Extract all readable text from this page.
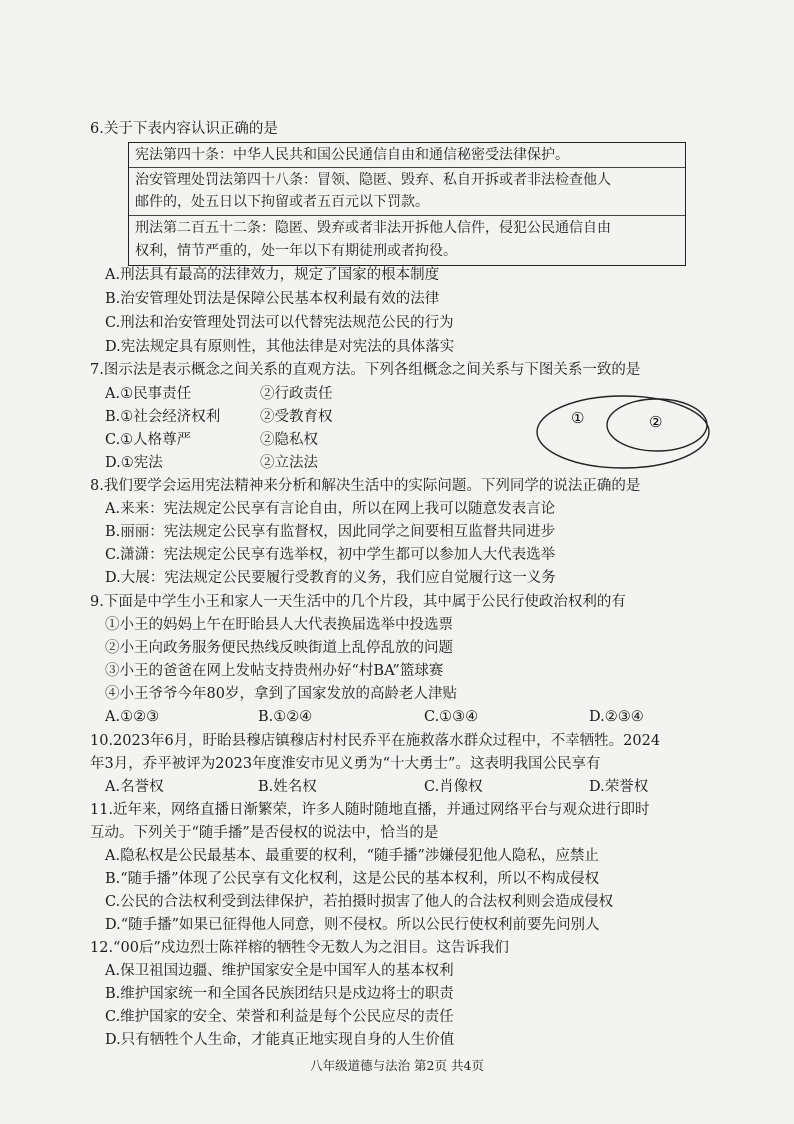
6.关于下表内容认识正确的是
宪法第四十条：中华人民共和国公民通信自由和通信秘密受法律保护。
治安管理处罚法第四十八条：冒领、隐匿、毁弃、私自开拆或者非法检查他人
邮件的，处五日以下拘留或者五百元以下罚款。
刑法第二百五十二条：隐匿、毁弃或者非法开拆他人信件，侵犯公民通信自由
权利，情节严重的，处一年以下有期徒刑或者拘役。
A.刑法具有最高的法律效力，规定了国家的根本制度
B.治安管理处罚法是保障公民基本权利最有效的法律
C.刑法和治安管理处罚法可以代替宪法规范公民的行为
D.宪法规定具有原则性，其他法律是对宪法的具体落实
7.图示法是表示概念之间关系的直观方法。下列各组概念之间关系与下图关系一致的是
A.①民事责任	②行政责任
B.①社会经济权利	②受教育权
C.①人格尊严	②隐私权
D.①宪法	②立法法
①	②
8.我们要学会运用宪法精神来分析和解决生活中的实际问题。下列同学的说法正确的是
A.来来：宪法规定公民享有言论自由，所以在网上我可以随意发表言论
B.丽丽：宪法规定公民享有监督权，因此同学之间要相互监督共同进步
C.潇潇：宪法规定公民享有选举权，初中学生都可以参加人大代表选举
D.大展：宪法规定公民要履行受教育的义务，我们应自觉履行这一义务
9.下面是中学生小王和家人一天生活中的几个片段，其中属于公民行使政治权利的有
①小王的妈妈上午在盱眙县人大代表换届选举中投选票
②小王向政务服务便民热线反映街道上乱停乱放的问题
③小王的爸爸在网上发帖支持贵州办好“村BA”篮球赛
④小王爷爷今年80岁，拿到了国家发放的高龄老人津贴
A.①②③	B.①②④	C.①③④	D.②③④
10.2023年6月，盱眙县穆店镇穆店村村民乔平在施救落水群众过程中，不幸牺牲。2024
年3月，乔平被评为2023年度淮安市见义勇为“十大勇士”。这表明我国公民享有
A.名誉权	B.姓名权	C.肖像权	D.荣誉权
11.近年来，网络直播日渐繁荣，许多人随时随地直播，并通过网络平台与观众进行即时
互动。下列关于“随手播”是否侵权的说法中，恰当的是
A.隐私权是公民最基本、最重要的权利，“随手播”涉嫌侵犯他人隐私，应禁止
B.“随手播”体现了公民享有文化权利，这是公民的基本权利，所以不构成侵权
C.公民的合法权利受到法律保护，若拍摄时损害了他人的合法权利则会造成侵权
D.“随手播”如果已征得他人同意，则不侵权。所以公民行使权利前要先问别人
12.“00后”戍边烈士陈祥榕的牺牲令无数人为之泪目。这告诉我们
A.保卫祖国边疆、维护国家安全是中国军人的基本权利
B.维护国家统一和全国各民族团结只是戍边将士的职责
C.维护国家的安全、荣誉和利益是每个公民应尽的责任
D.只有牺牲个人生命，才能真正地实现自身的人生价值
八年级道德与法治 第2页 共4页
